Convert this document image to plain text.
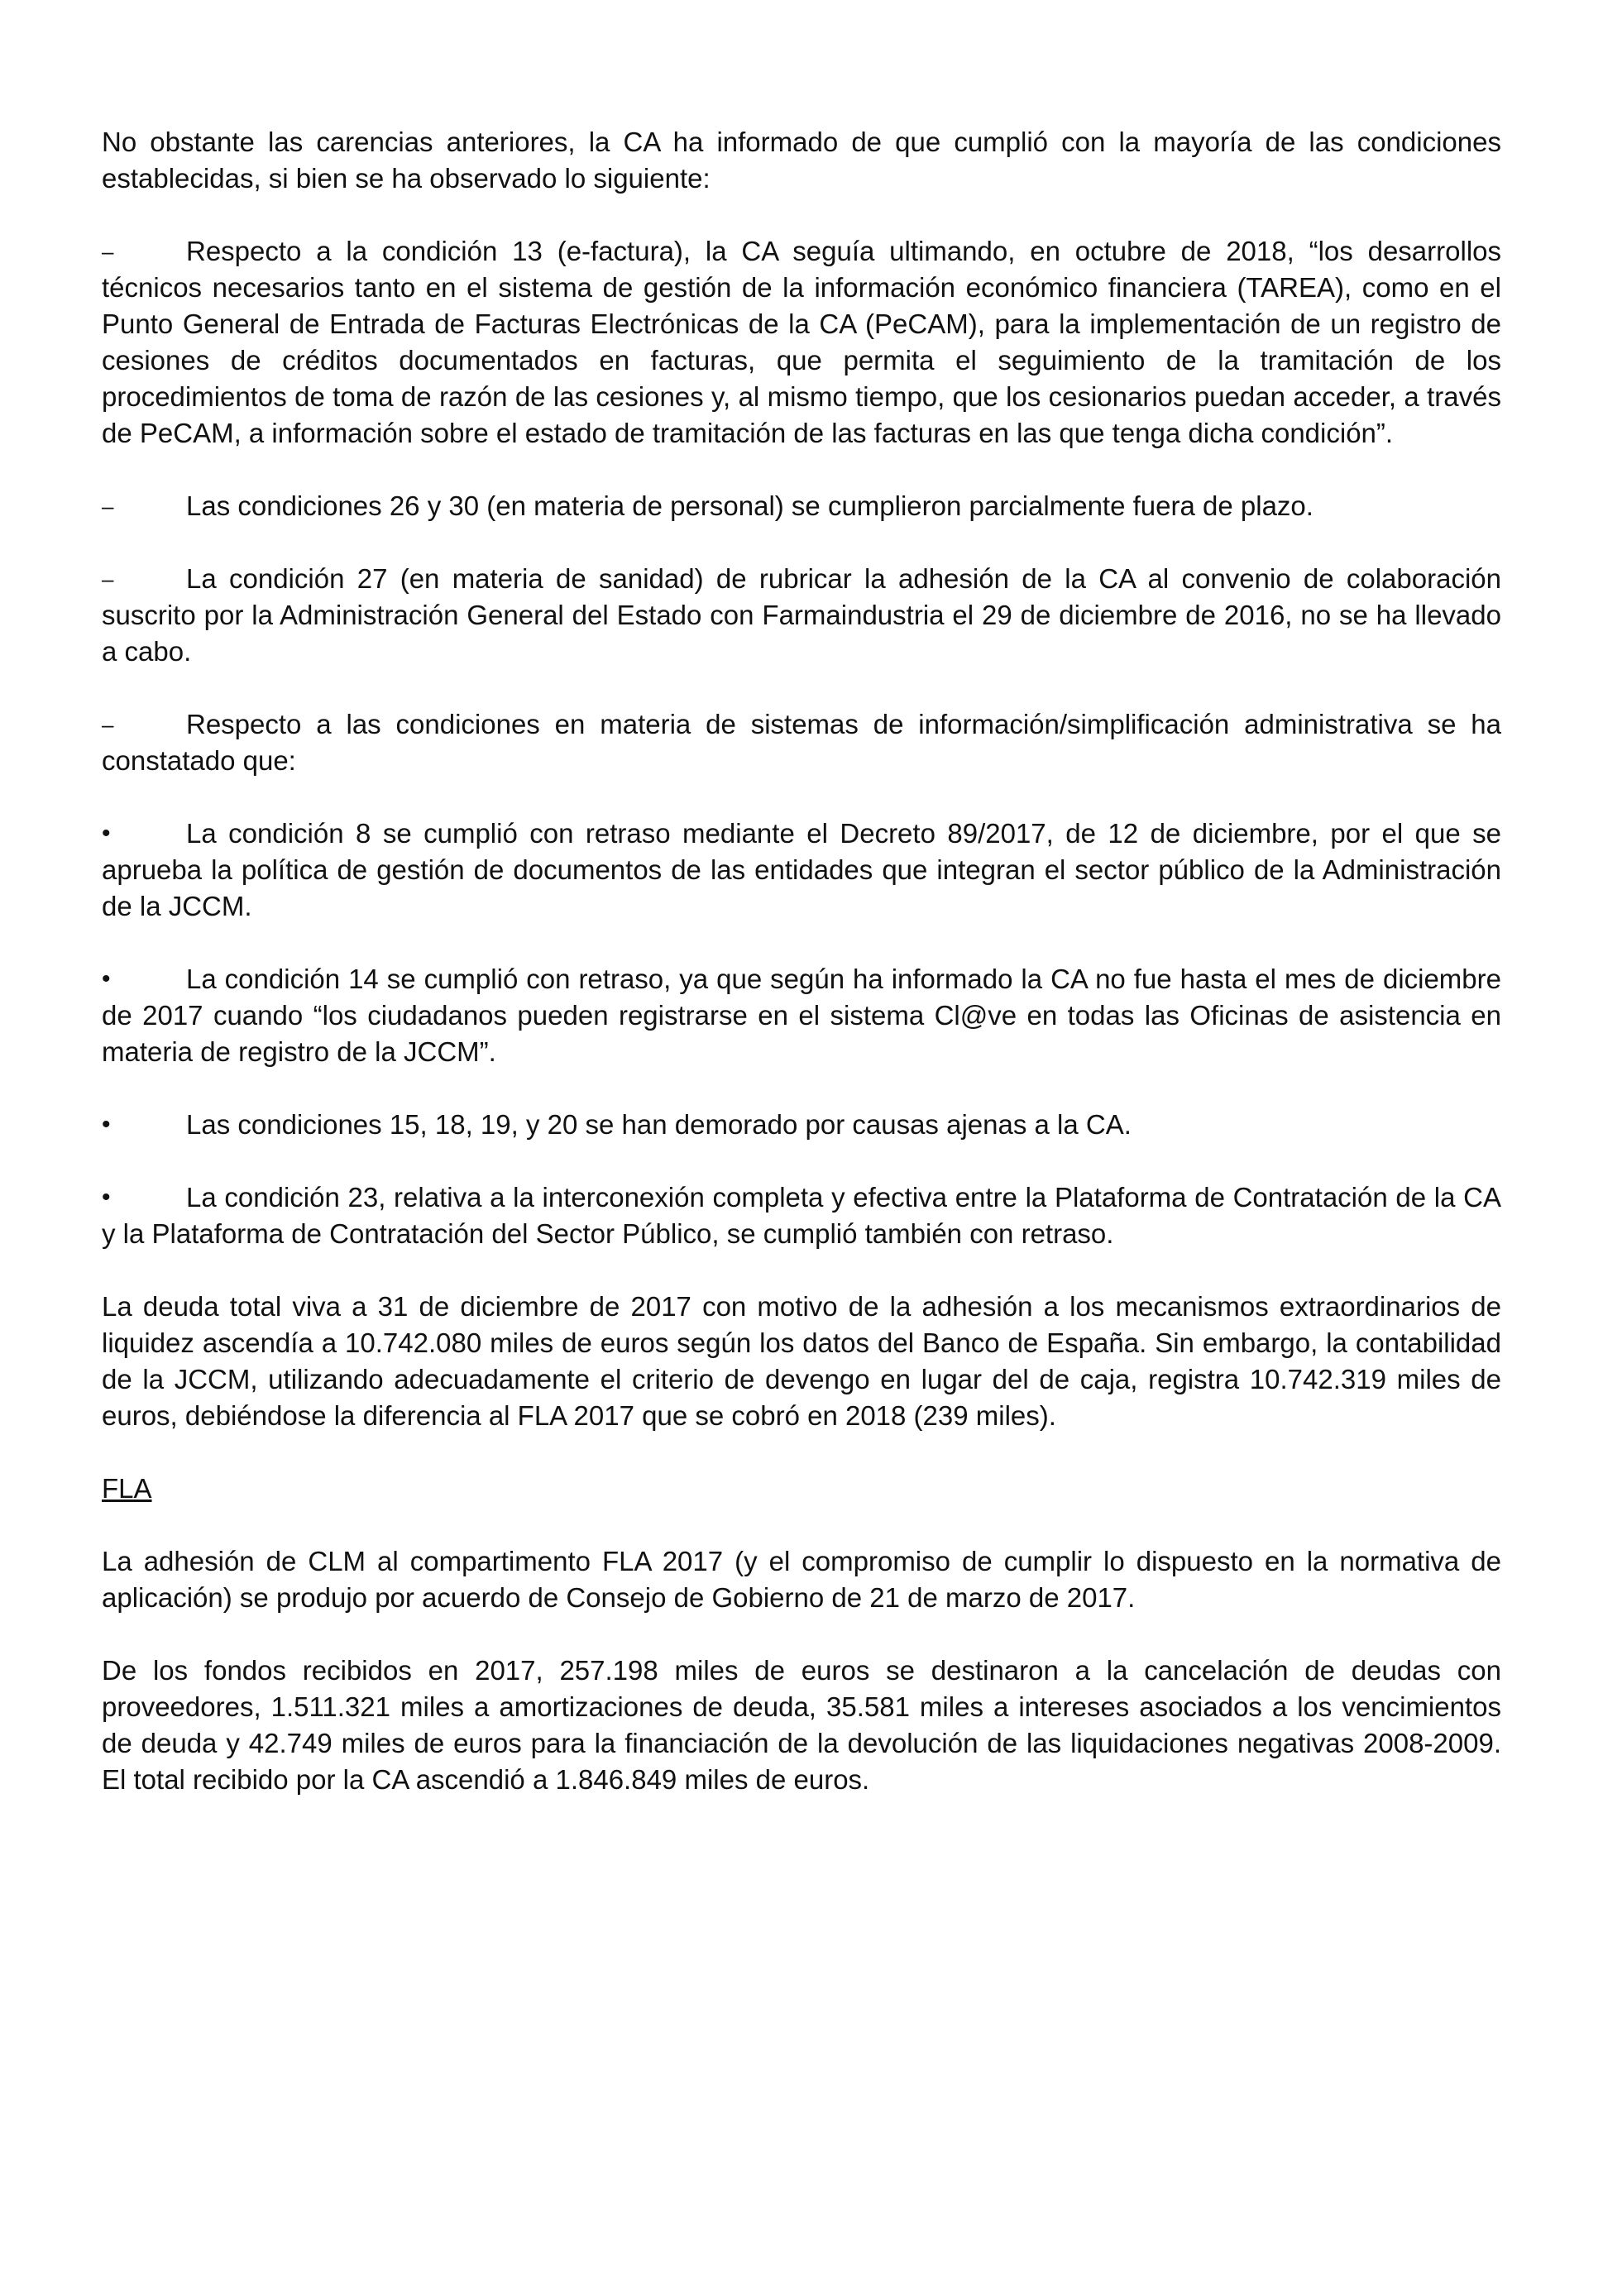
No obstante las carencias anteriores, la CA ha informado de que cumplió con la mayoría de las condiciones establecidas, si bien se ha observado lo siguiente:

–	Respecto a la condición 13 (e-factura), la CA seguía ultimando, en octubre de 2018, “los desarrollos técnicos necesarios tanto en el sistema de gestión de la información económico financiera (TAREA), como en el Punto General de Entrada de Facturas Electrónicas de la CA (PeCAM), para la implementación de un registro de cesiones de créditos documentados en facturas, que permita el seguimiento de la tramitación de los procedimientos de toma de razón de las cesiones y, al mismo tiempo, que los cesionarios puedan acceder, a través de PeCAM, a información sobre el estado de tramitación de las facturas en las que tenga dicha condición”.
–	Las condiciones 26 y 30 (en materia de personal) se cumplieron parcialmente fuera de plazo.
–	La condición 27 (en materia de sanidad) de rubricar la adhesión de la CA al convenio de colaboración suscrito por la Administración General del Estado con Farmaindustria el 29 de diciembre de 2016, no se ha llevado a cabo.
–	Respecto a las condiciones en materia de sistemas de información/simplificación administrativa se ha constatado que:
•	La condición 8 se cumplió con retraso mediante el Decreto 89/2017, de 12 de diciembre, por el que se aprueba la política de gestión de documentos de las entidades que integran el sector público de la Administración de la JCCM.
•	La condición 14 se cumplió con retraso, ya que según ha informado la CA no fue hasta el mes de diciembre de 2017 cuando “los ciudadanos pueden registrarse en el sistema Cl@ve en todas las Oficinas de asistencia en materia de registro de la JCCM”.
•	Las condiciones 15, 18, 19, y 20 se han demorado por causas ajenas a la CA.
•	La condición 23, relativa a la interconexión completa y efectiva entre la Plataforma de Contratación de la CA y la Plataforma de Contratación del Sector Público, se cumplió también con retraso.

La deuda total viva a 31 de diciembre de 2017 con motivo de la adhesión a los mecanismos extraordinarios de liquidez ascendía a 10.742.080 miles de euros según los datos del Banco de España. Sin embargo, la contabilidad de la JCCM, utilizando adecuadamente el criterio de devengo en lugar del de caja, registra 10.742.319 miles de euros, debiéndose la diferencia al FLA 2017 que se cobró en 2018 (239 miles).

FLA

La adhesión de CLM al compartimento FLA 2017 (y el compromiso de cumplir lo dispuesto en la normativa de aplicación) se produjo por acuerdo de Consejo de Gobierno de 21 de marzo de 2017.

De los fondos recibidos en 2017, 257.198 miles de euros se destinaron a la cancelación de deudas con proveedores, 1.511.321 miles a amortizaciones de deuda, 35.581 miles a intereses asociados a los vencimientos de deuda y 42.749 miles de euros para la financiación de la devolución de las liquidaciones negativas 2008-2009. El total recibido por la CA ascendió a 1.846.849 miles de euros.
